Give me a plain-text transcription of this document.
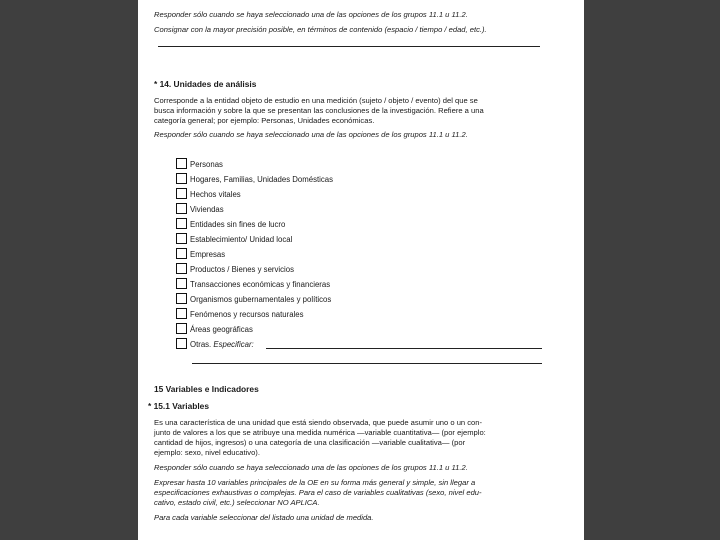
Responder sólo cuando se haya seleccionado una de las opciones de los grupos 11.1 u 11.2.
Consignar con la mayor precisión posible, en términos de contenido (espacio / tiempo / edad, etc.).
* 14. Unidades de análisis
Corresponde a la entidad objeto de estudio en una medición (sujeto / objeto / evento) del que se
busca información y sobre la que se presentan las conclusiones de la investigación. Refiere a una
categoría general; por ejemplo: Personas, Unidades económicas.
Responder sólo cuando se haya seleccionado una de las opciones de los grupos 11.1 u 11.2.
Personas
Hogares, Familias, Unidades Domésticas
Hechos vitales
Viviendas
Entidades sin fines de lucro
Establecimiento/ Unidad local
Empresas
Productos / Bienes y servicios
Transacciones económicas y financieras
Organismos gubernamentales y políticos
Fenómenos y recursos naturales
Áreas geográficas
Otras. Especificar:
15 Variables e Indicadores
* 15.1 Variables
Es una característica de una unidad que está siendo observada, que puede asumir uno o un con-
junto de valores a los que se atribuye una medida numérica —variable cuantitativa— (por ejemplo:
cantidad de hijos, ingresos) o una categoría de una clasificación —variable cualitativa— (por
ejemplo: sexo, nivel educativo).
Responder sólo cuando se haya seleccionado una de las opciones de los grupos 11.1 u 11.2.
Expresar hasta 10 variables principales de la OE en su forma más general y simple, sin llegar a
especificaciones exhaustivas o complejas. Para el caso de variables cualitativas (sexo, nivel edu-
cativo, estado civil, etc.) seleccionar NO APLICA.
Para cada variable seleccionar del listado una unidad de medida.
